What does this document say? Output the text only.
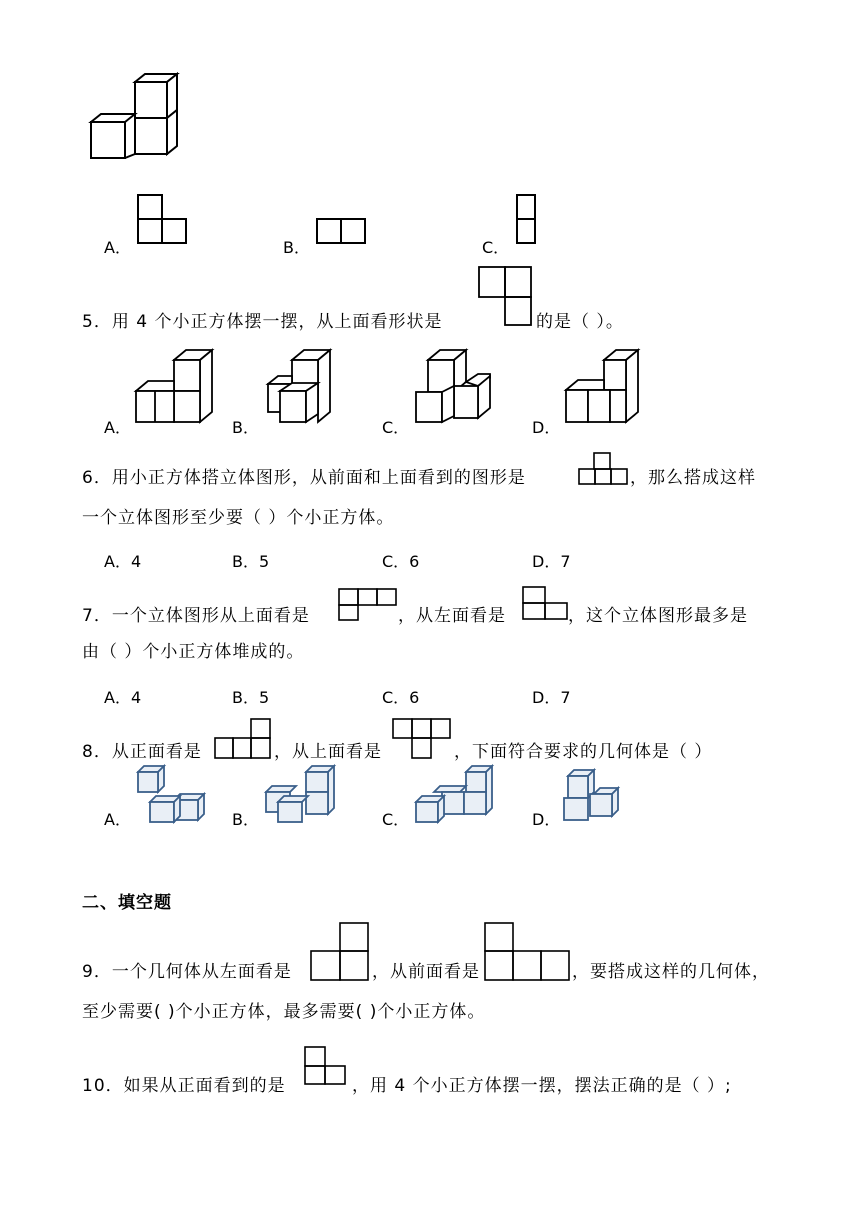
A．	B．	C．
5．用 4 个小正方体摆一摆，从上面看形状是	的是（ ）。
A．	B．	C．	D．
6．用小正方体搭立体图形，从前面和上面看到的图形是	，那么搭成这样
一个立体图形至少要（ ）个小正方体。
A．4	B．5	C．6	D．7
7．一个立体图形从上面看是	，从左面看是	，这个立体图形最多是
由（ ）个小正方体堆成的。
A．4	B．5	C．6	D．7
8．从正面看是	，从上面看是	，下面符合要求的几何体是（ ）
A．	B．	C．	D．
二、填空题
9．一个几何体从左面看是	，从前面看是	，要搭成这样的几何体，
至少需要( )个小正方体，最多需要( )个小正方体。
10．如果从正面看到的是	，用 4 个小正方体摆一摆，摆法正确的是（ ）;
